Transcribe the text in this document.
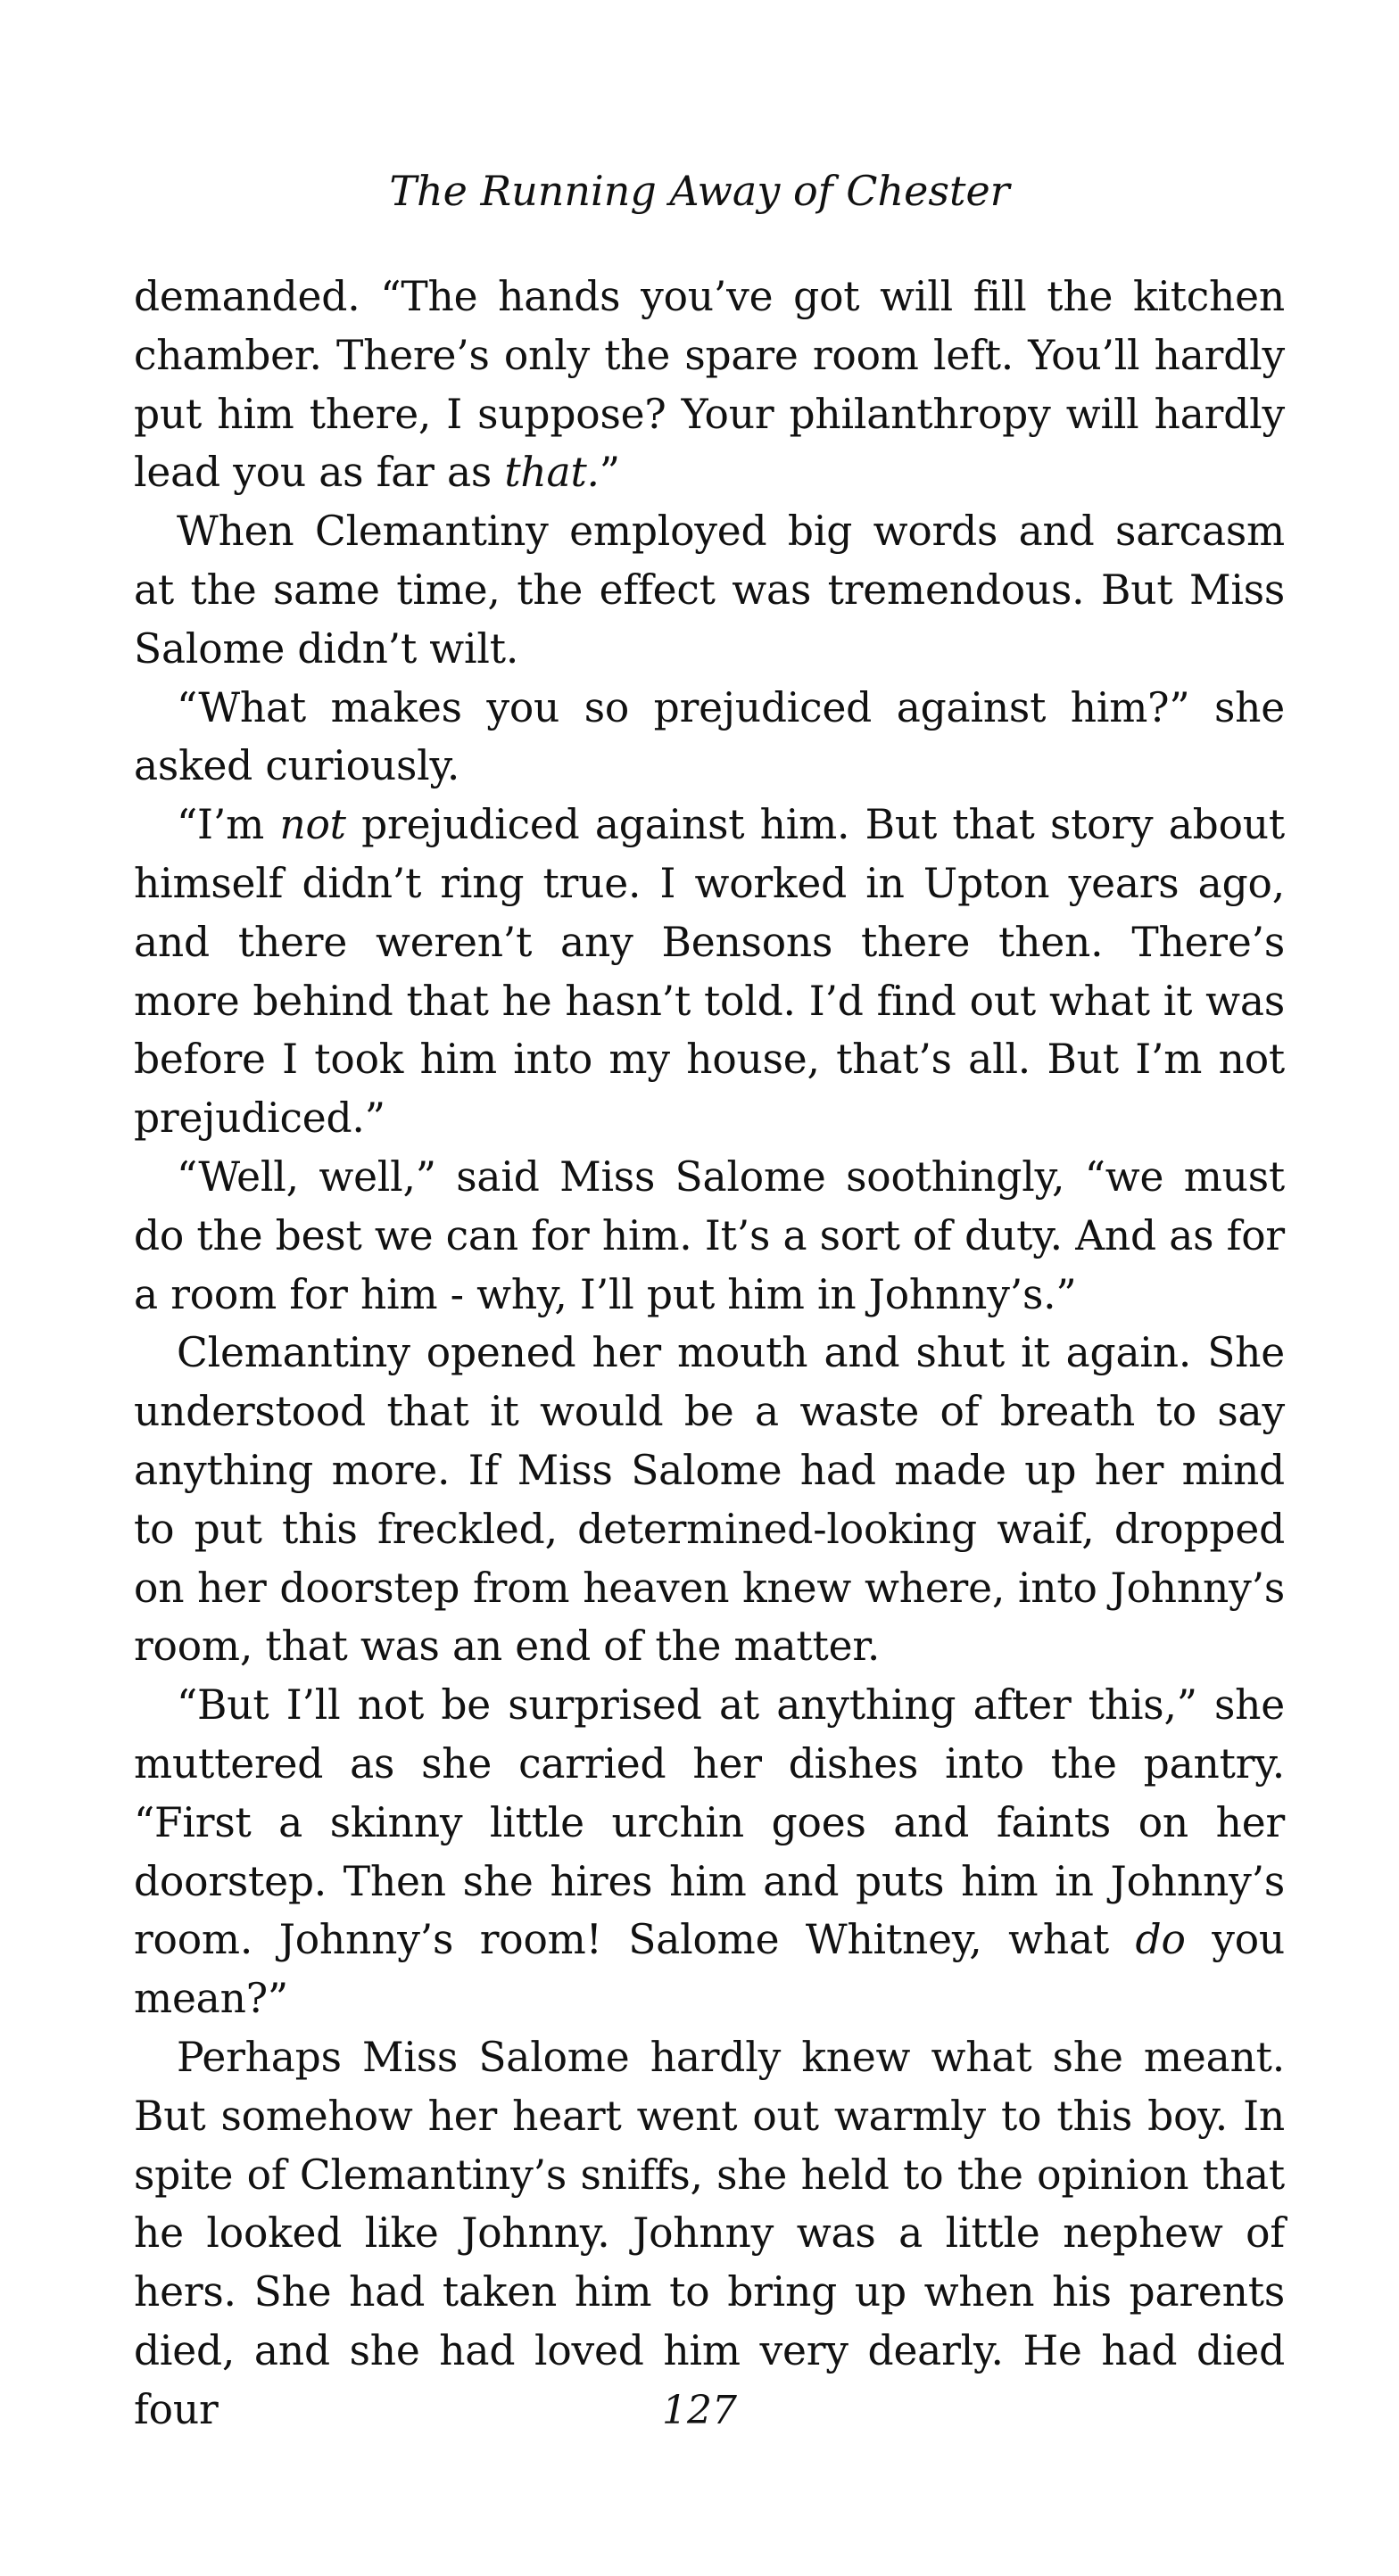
The Running Away of Chester

demanded. “The hands you’ve got will fill the kitchen chamber. There’s only the spare room left. You’ll hardly put him there, I suppose? Your philanthropy will hardly lead you as far as that.”

When Clemantiny employed big words and sarcasm at the same time, the effect was tremendous. But Miss Salome didn’t wilt.

“What makes you so prejudiced against him?” she asked curiously.

“I’m not prejudiced against him. But that story about himself didn’t ring true. I worked in Upton years ago, and there weren’t any Bensons there then. There’s more behind that he hasn’t told. I’d find out what it was before I took him into my house, that’s all. But I’m not prejudiced.”

“Well, well,” said Miss Salome soothingly, “we must do the best we can for him. It’s a sort of duty. And as for a room for him - why, I’ll put him in Johnny’s.”

Clemantiny opened her mouth and shut it again. She understood that it would be a waste of breath to say anything more. If Miss Salome had made up her mind to put this freckled, determined-looking waif, dropped on her doorstep from heaven knew where, into Johnny’s room, that was an end of the matter.

“But I’ll not be surprised at anything after this,” she muttered as she carried her dishes into the pantry. “First a skinny little urchin goes and faints on her doorstep. Then she hires him and puts him in Johnny’s room. Johnny’s room! Salome Whitney, what do you mean?”

Perhaps Miss Salome hardly knew what she meant. But somehow her heart went out warmly to this boy. In spite of Clemantiny’s sniffs, she held to the opinion that he looked like Johnny. Johnny was a little nephew of hers. She had taken him to bring up when his parents died, and she had loved him very dearly. He had died four	127
